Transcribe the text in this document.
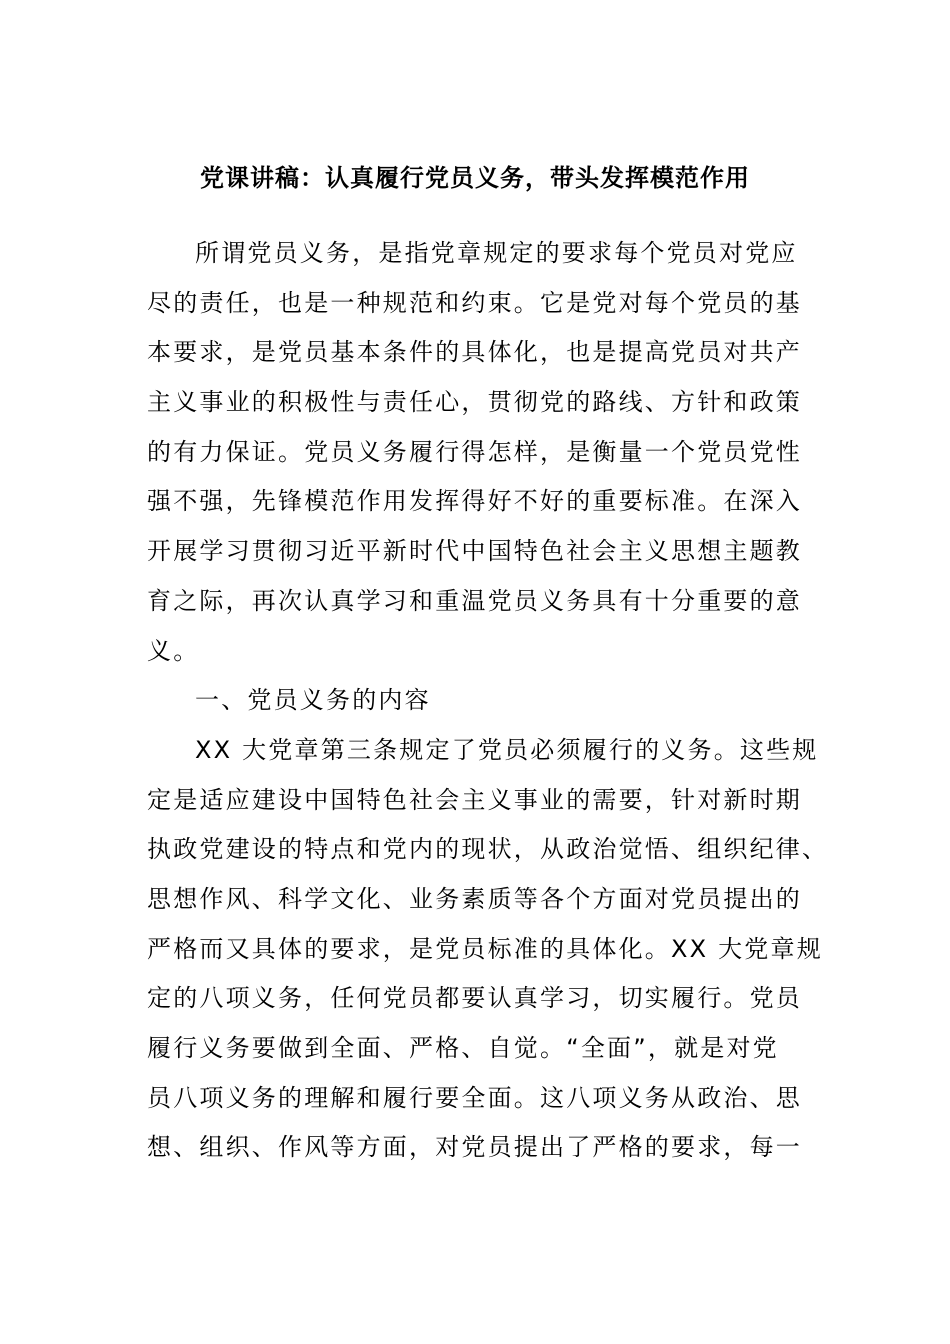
党课讲稿：认真履行党员义务，带头发挥模范作用
所谓党员义务，是指党章规定的要求每个党员对党应
尽的责任，也是一种规范和约束。它是党对每个党员的基
本要求，是党员基本条件的具体化，也是提高党员对共产
主义事业的积极性与责任心，贯彻党的路线、方针和政策
的有力保证。党员义务履行得怎样，是衡量一个党员党性
强不强，先锋模范作用发挥得好不好的重要标准。在深入
开展学习贯彻习近平新时代中国特色社会主义思想主题教
育之际，再次认真学习和重温党员义务具有十分重要的意
义。
一、党员义务的内容
XX 大党章第三条规定了党员必须履行的义务。这些规
定是适应建设中国特色社会主义事业的需要，针对新时期
执政党建设的特点和党内的现状，从政治觉悟、组织纪律、
思想作风、科学文化、业务素质等各个方面对党员提出的
严格而又具体的要求，是党员标准的具体化。XX 大党章规
定的八项义务，任何党员都要认真学习，切实履行。党员
履行义务要做到全面、严格、自觉。“全面”，就是对党
员八项义务的理解和履行要全面。这八项义务从政治、思
想、组织、作风等方面，对党员提出了严格的要求，每一
